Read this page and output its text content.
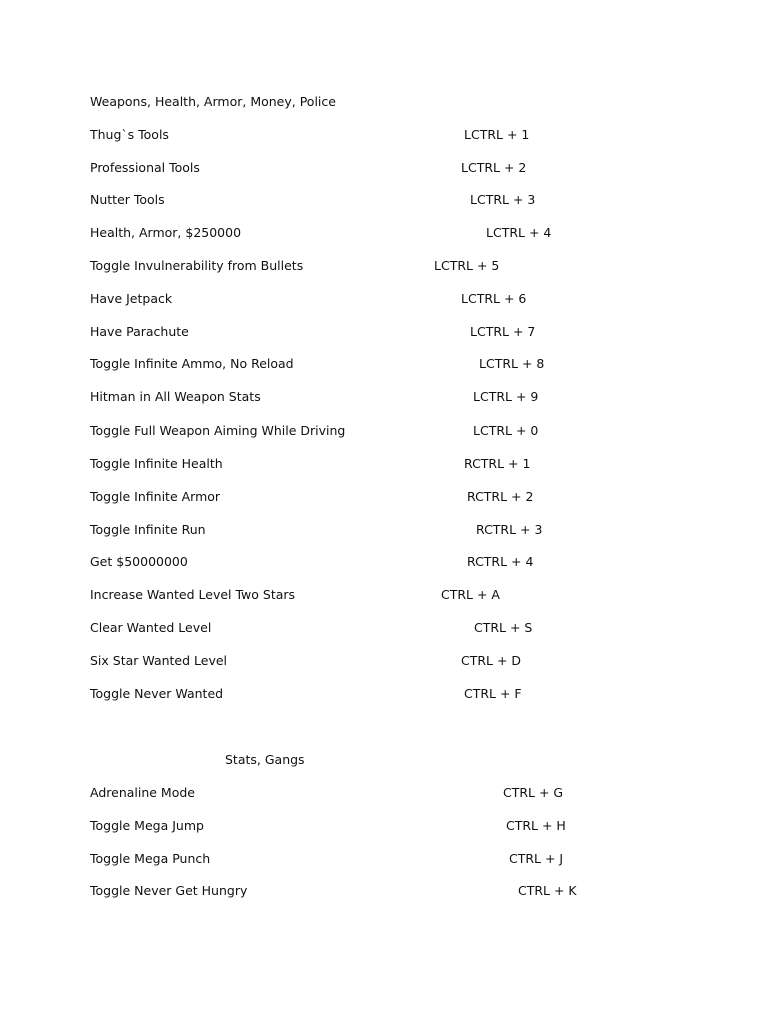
Weapons, Health, Armor, Money, Police
Thug`s Tools	LCTRL + 1
Professional Tools	LCTRL + 2
Nutter Tools	LCTRL + 3
Health, Armor, $250000	LCTRL + 4
Toggle Invulnerability from Bullets	LCTRL + 5
Have Jetpack	LCTRL + 6
Have Parachute	LCTRL + 7
Toggle Infinite Ammo, No Reload	LCTRL + 8
Hitman in All Weapon Stats	LCTRL + 9
Toggle Full Weapon Aiming While Driving	LCTRL + 0
Toggle Infinite Health	RCTRL + 1
Toggle Infinite Armor	RCTRL + 2
Toggle Infinite Run	RCTRL + 3
Get $50000000	RCTRL + 4
Increase Wanted Level Two Stars	CTRL + A
Clear Wanted Level	CTRL + S
Six Star Wanted Level	CTRL + D
Toggle Never Wanted	CTRL + F
Stats, Gangs
Adrenaline Mode	CTRL + G
Toggle Mega Jump	CTRL + H
Toggle Mega Punch	CTRL + J
Toggle Never Get Hungry	CTRL + K
